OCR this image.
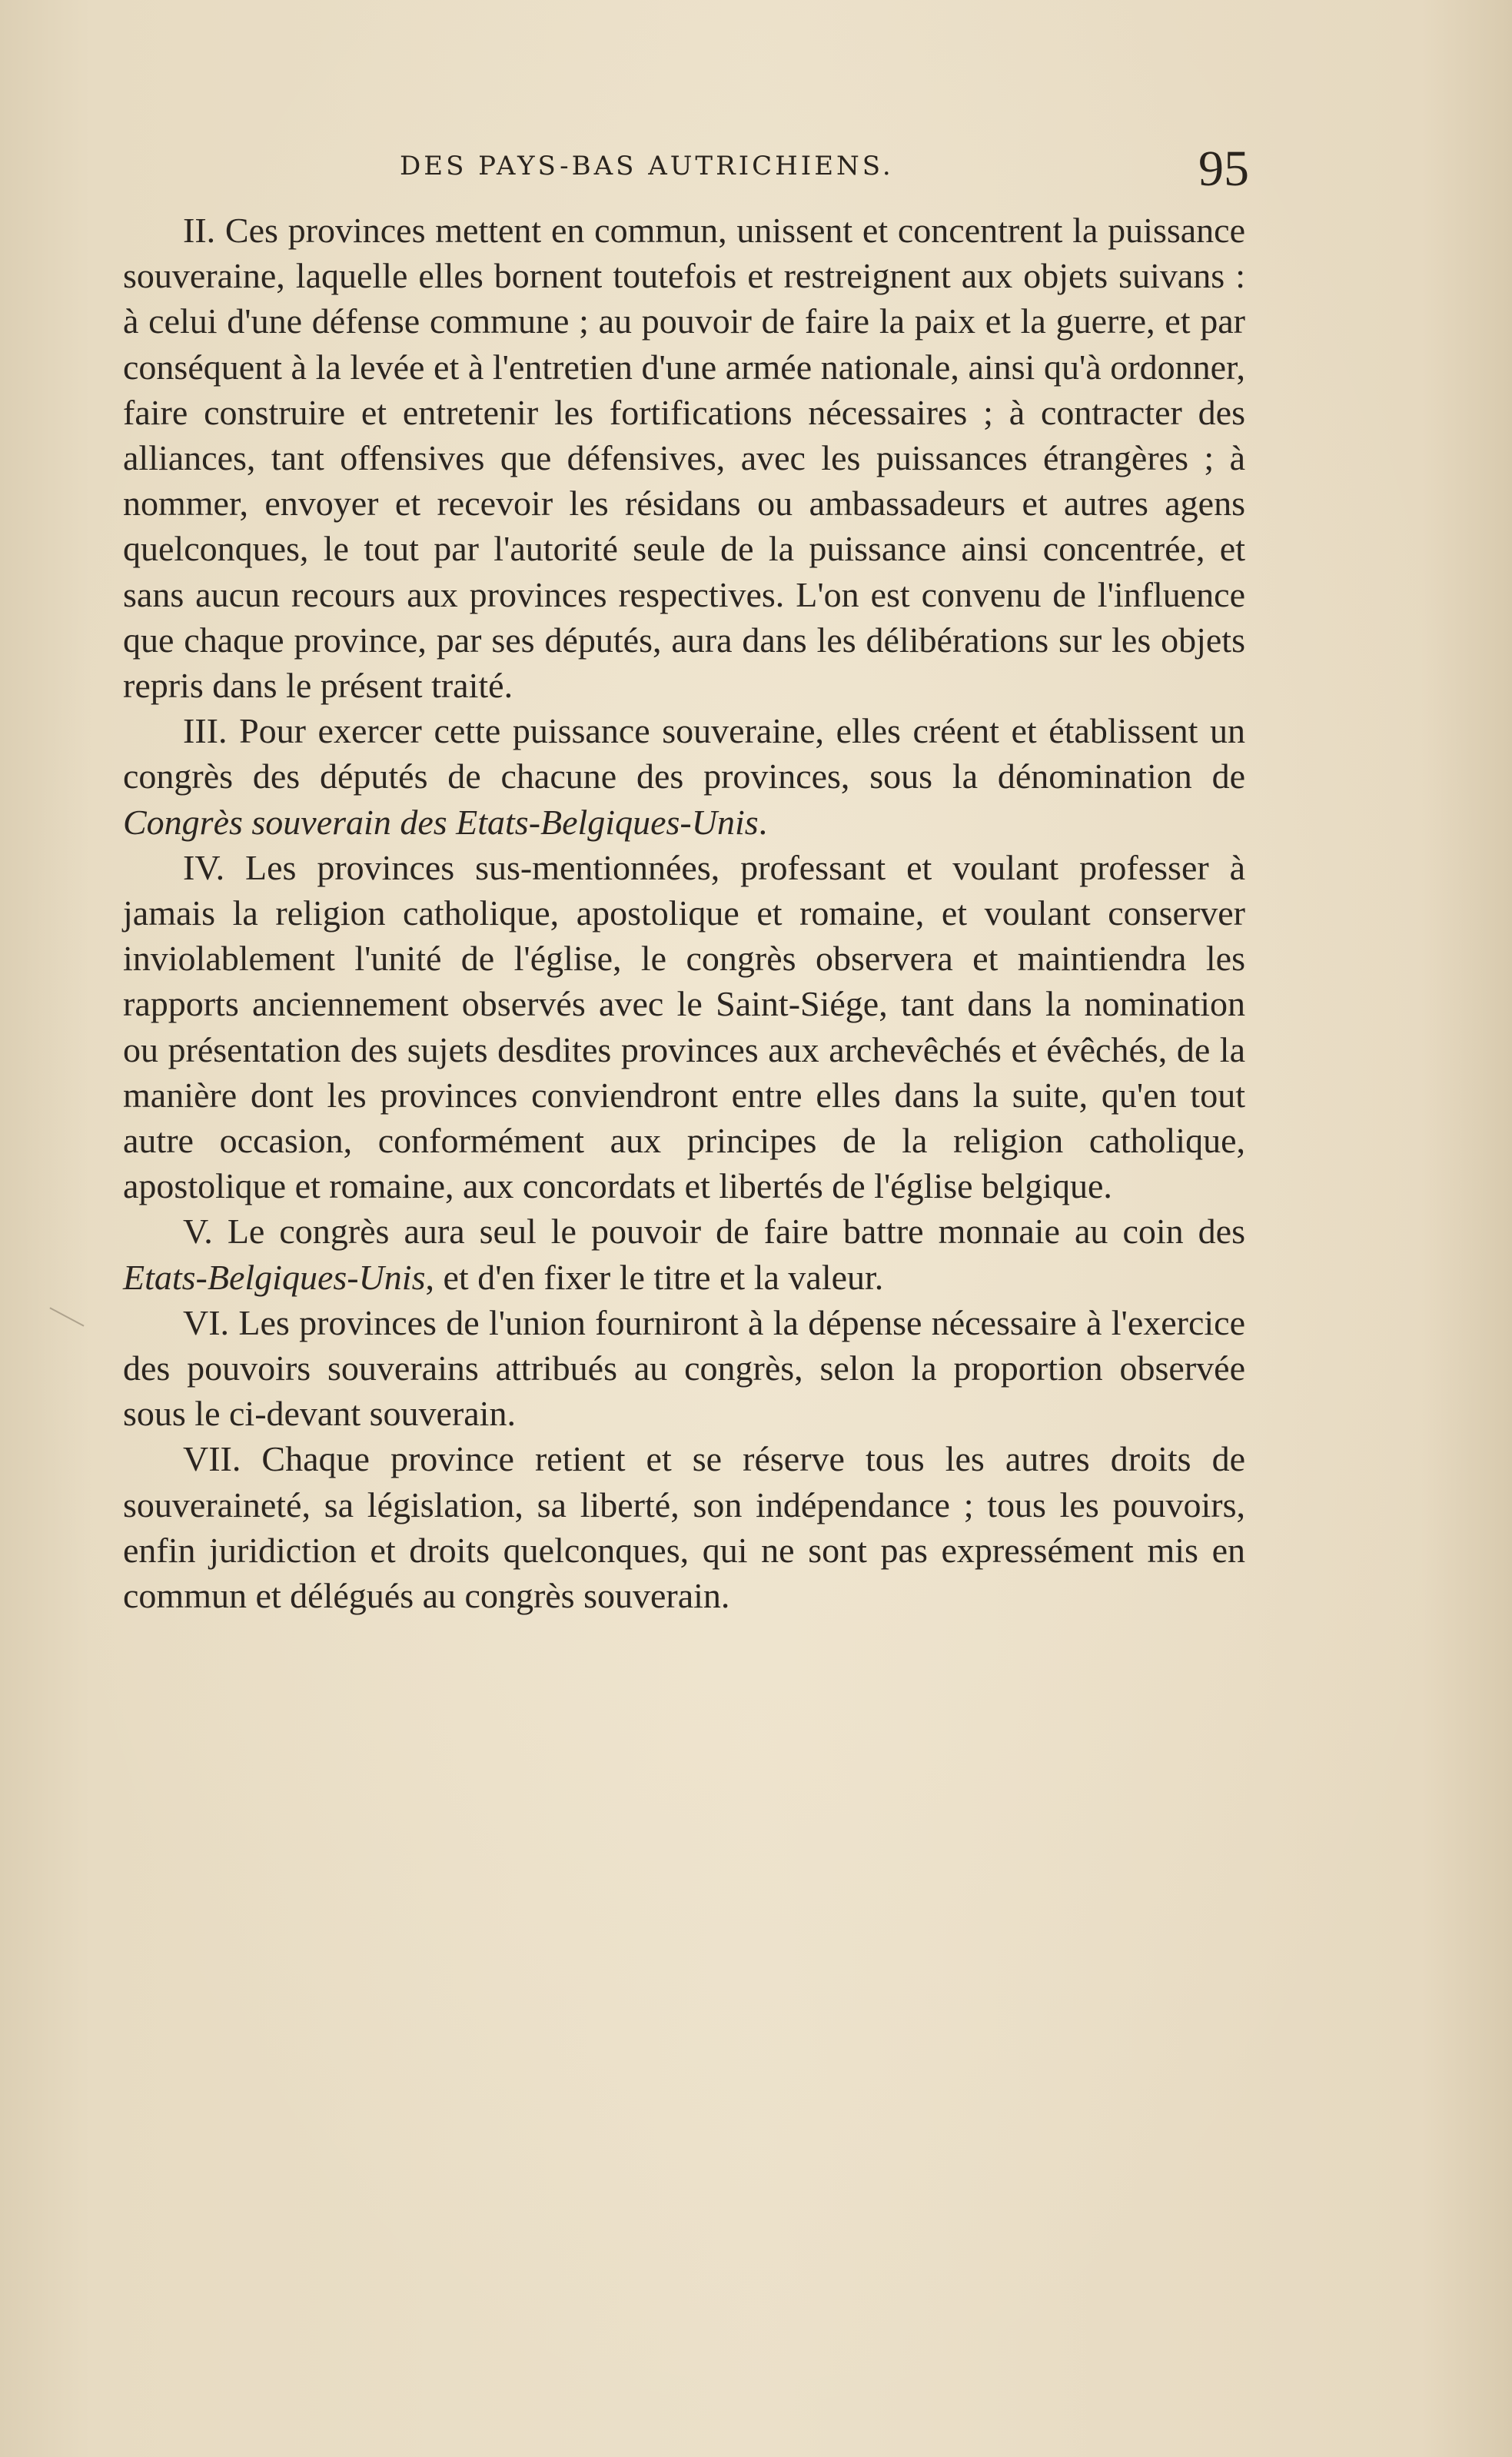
DES PAYS-BAS AUTRICHIENS.	95

II. Ces provinces mettent en commun, unissent et concentrent la puissance souveraine, laquelle elles bornent toutefois et restreignent aux objets suivans : à celui d'une défense commune ; au pouvoir de faire la paix et la guerre, et par conséquent à la levée et à l'entretien d'une armée nationale, ainsi qu'à ordonner, faire construire et entretenir les fortifications nécessaires ; à contracter des alliances, tant offensives que défensives, avec les puissances étrangères ; à nommer, envoyer et recevoir les résidans ou ambassadeurs et autres agens quelconques, le tout par l'autorité seule de la puissance ainsi concentrée, et sans aucun recours aux provinces respectives. L'on est convenu de l'influence que chaque province, par ses députés, aura dans les délibérations sur les objets repris dans le présent traité.

III. Pour exercer cette puissance souveraine, elles créent et établissent un congrès des députés de chacune des provinces, sous la dénomination de Congrès souverain des Etats-Belgiques-Unis.

IV. Les provinces sus-mentionnées, professant et voulant professer à jamais la religion catholique, apostolique et romaine, et voulant conserver inviolablement l'unité de l'église, le congrès observera et maintiendra les rapports anciennement observés avec le Saint-Siége, tant dans la nomination ou présentation des sujets desdites provinces aux archevêchés et évêchés, de la manière dont les provinces conviendront entre elles dans la suite, qu'en tout autre occasion, conformément aux principes de la religion catholique, apostolique et romaine, aux concordats et libertés de l'église belgique.

V. Le congrès aura seul le pouvoir de faire battre monnaie au coin des Etats-Belgiques-Unis, et d'en fixer le titre et la valeur.

VI. Les provinces de l'union fourniront à la dépense nécessaire à l'exercice des pouvoirs souverains attribués au congrès, selon la proportion observée sous le ci-devant souverain.

VII. Chaque province retient et se réserve tous les autres droits de souveraineté, sa législation, sa liberté, son indépendance ; tous les pouvoirs, enfin juridiction et droits quelconques, qui ne sont pas expressément mis en commun et délégués au congrès souverain.
